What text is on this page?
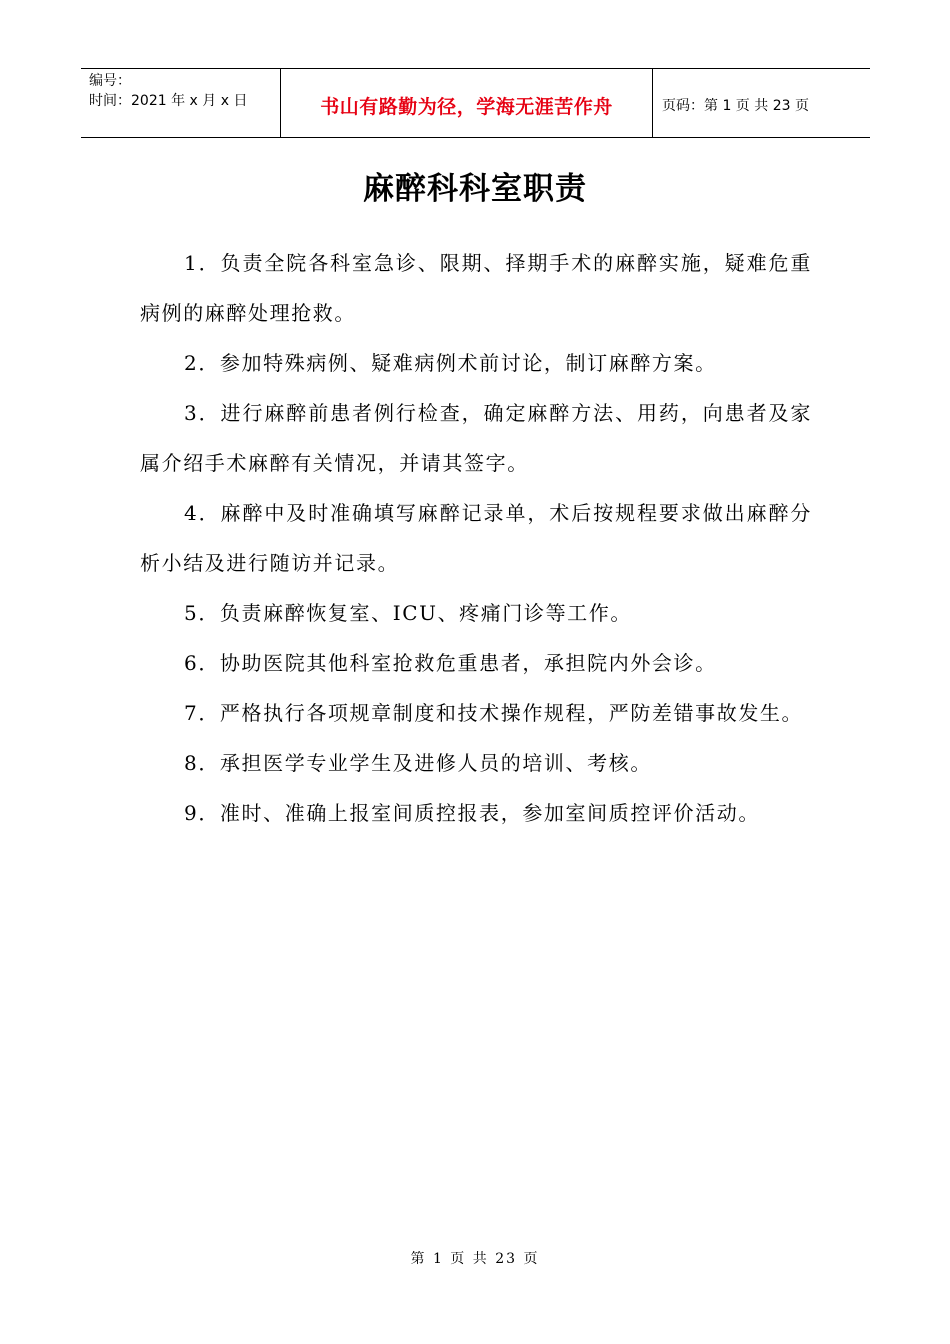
编号：
时间：2021 年 x 月 x 日	书山有路勤为径，学海无涯苦作舟	页码：第 1 页 共 23 页
麻醉科科室职责

1．负责全院各科室急诊、限期、择期手术的麻醉实施，疑难危重病例的麻醉处理抢救。

2．参加特殊病例、疑难病例术前讨论，制订麻醉方案。

3．进行麻醉前患者例行检查，确定麻醉方法、用药，向患者及家属介绍手术麻醉有关情况，并请其签字。

4．麻醉中及时准确填写麻醉记录单，术后按规程要求做出麻醉分析小结及进行随访并记录。

5．负责麻醉恢复室、ICU、疼痛门诊等工作。

6．协助医院其他科室抢救危重患者，承担院内外会诊。

7．严格执行各项规章制度和技术操作规程，严防差错事故发生。

8．承担医学专业学生及进修人员的培训、考核。

9．准时、准确上报室间质控报表，参加室间质控评价活动。

第 1 页 共 23 页
